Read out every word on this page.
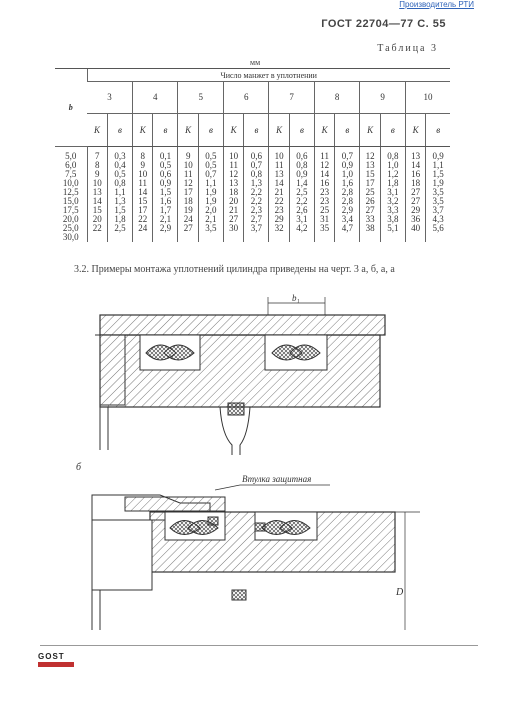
Производитель РТИ
ГОСТ 22704—77 С. 55
Таблица 3
мм
b	Число манжет в уплотнении															
	3		4		5		6		7		8		9		10	
	K	в	K	в	K	в	K	в	K	в	K	в	K	в	K	в
5,0	7	0,3	8	0,1	9	0,5	10	0,6	10	0,6	11	0,7	12	0,8	13	0,9
6,0	8	0,4	9	0,5	10	0,5	11	0,7	11	0,8	12	0,9	13	1,0	14	1,1
7,5	9	0,5	10	0,6	11	0,7	12	0,8	13	0,9	14	1,0	15	1,2	16	1,5
10,0	10	0,8	11	0,9	12	1,1	13	1,3	14	1,4	16	1,6	17	1,8	18	1,9
12,5	13	1,1	14	1,5	17	1,9	18	2,2	21	2,5	23	2,8	25	3,1	27	3,5
15,0	14	1,3	15	1,6	18	1,9	20	2,2	22	2,2	23	2,8	26	3,2	27	3,5
17,5	15	1,5	17	1,7	19	2,0	21	2,3	23	2,6	25	2,9	27	3,3	29	3,7
20,0	20	1,8	22	2,1	24	2,1	27	2,7	29	3,1	31	3,4	33	3,8	36	4,3
25,0	22	2,5	24	2,9	27	3,5	30	3,7	32	4,2	35	4,7	38	5,1	40	5,6
30,0																
3.2. Примеры монтажа уплотнений цилиндра приведены на черт. 3 а, б, а, а
b₁
б
Втулка защитная
D
GOST
